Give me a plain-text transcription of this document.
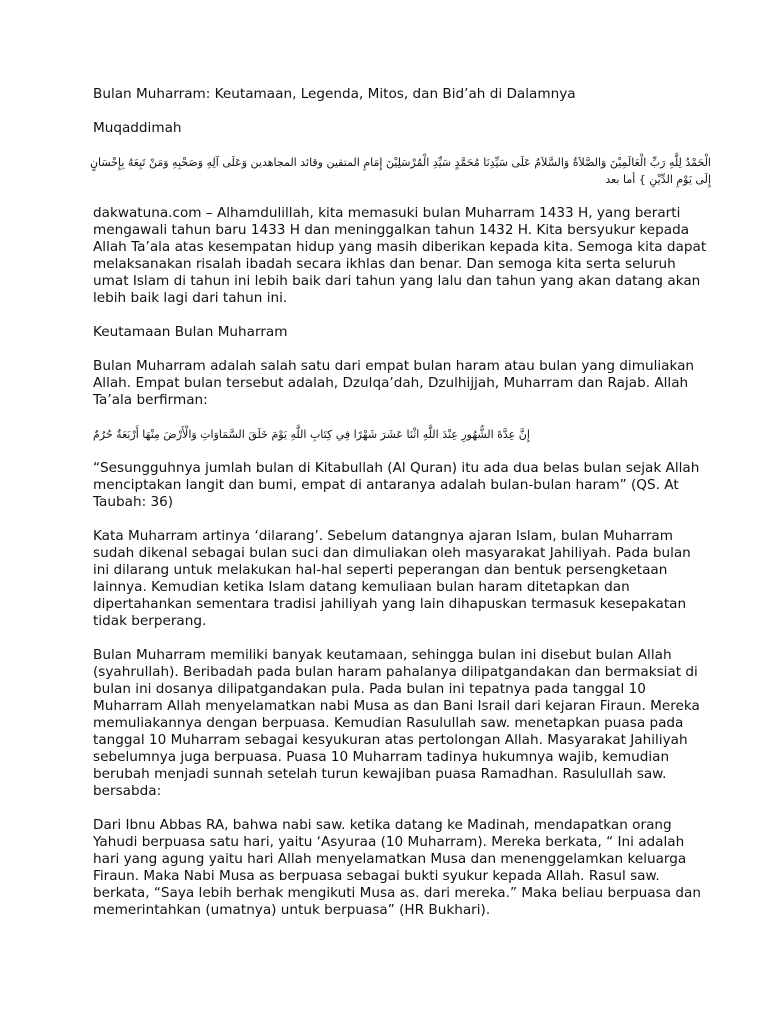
Bulan Muharram: Keutamaan, Legenda, Mitos, dan Bid’ah di Dalamnya

Muqaddimah

الْحَمْدُ لِلَّهِ رَبِّ الْعَالَمِيْنَ وَالصَّلاَةُ وَالسَّلاَمُ عَلَى سَيِّدِنَا مُحَمَّدٍ سَيِّدِ الْمُرْسَلِيْنَ إِمَامِ المتقين وقائد المجاهدين وَعَلَى آلِهِ وَصَحْبِهِ وَمَنْ تَبِعَهُ بِإِحْسَانٍ إِلَى يَوْمِ الدِّيْنِ } أما بعد

dakwatuna.com – Alhamdulillah, kita memasuki bulan Muharram 1433 H, yang berarti mengawali tahun baru 1433 H dan meninggalkan tahun 1432 H. Kita bersyukur kepada Allah Ta’ala atas kesempatan hidup yang masih diberikan kepada kita. Semoga kita dapat melaksanakan risalah ibadah secara ikhlas dan benar. Dan semoga kita serta seluruh umat Islam di tahun ini lebih baik dari tahun yang lalu dan tahun yang akan datang akan lebih baik lagi dari tahun ini.

Keutamaan Bulan Muharram

Bulan Muharram adalah salah satu dari empat bulan haram atau bulan yang dimuliakan Allah. Empat bulan tersebut adalah, Dzulqa’dah, Dzulhijjah, Muharram dan Rajab. Allah Ta’ala berfirman:

إِنَّ عِدَّةَ الشُّهُورِ عِنْدَ اللَّهِ اثْنَا عَشَرَ شَهْرًا فِي كِتَابِ اللَّهِ يَوْمَ خَلَقَ السَّمَاوَاتِ وَالْأَرْضَ مِنْهَا أَرْبَعَةٌ حُرُمٌ

“Sesungguhnya jumlah bulan di Kitabullah (Al Quran) itu ada dua belas bulan sejak Allah menciptakan langit dan bumi, empat di antaranya adalah bulan-bulan haram” (QS. At Taubah: 36)

Kata Muharram artinya ‘dilarang’. Sebelum datangnya ajaran Islam, bulan Muharram sudah dikenal sebagai bulan suci dan dimuliakan oleh masyarakat Jahiliyah. Pada bulan ini dilarang untuk melakukan hal-hal seperti peperangan dan bentuk persengketaan lainnya. Kemudian ketika Islam datang kemuliaan bulan haram ditetapkan dan dipertahankan sementara tradisi jahiliyah yang lain dihapuskan termasuk kesepakatan tidak berperang.

Bulan Muharram memiliki banyak keutamaan, sehingga bulan ini disebut bulan Allah (syahrullah). Beribadah pada bulan haram pahalanya dilipatgandakan dan bermaksiat di bulan ini dosanya dilipatgandakan pula. Pada bulan ini tepatnya pada tanggal 10 Muharram Allah menyelamatkan nabi Musa as dan Bani Israil dari kejaran Firaun. Mereka memuliakannya dengan berpuasa. Kemudian Rasulullah saw. menetapkan puasa pada tanggal 10 Muharram sebagai kesyukuran atas pertolongan Allah. Masyarakat Jahiliyah sebelumnya juga berpuasa. Puasa 10 Muharram tadinya hukumnya wajib, kemudian berubah menjadi sunnah setelah turun kewajiban puasa Ramadhan. Rasulullah saw. bersabda:

Dari Ibnu Abbas RA, bahwa nabi saw. ketika datang ke Madinah, mendapatkan orang Yahudi berpuasa satu hari, yaitu ‘Asyuraa (10 Muharram). Mereka berkata, “ Ini adalah hari yang agung yaitu hari Allah menyelamatkan Musa dan menenggelamkan keluarga Firaun. Maka Nabi Musa as berpuasa sebagai bukti syukur kepada Allah. Rasul saw. berkata, “Saya lebih berhak mengikuti Musa as. dari mereka.” Maka beliau berpuasa dan memerintahkan (umatnya) untuk berpuasa” (HR Bukhari).
